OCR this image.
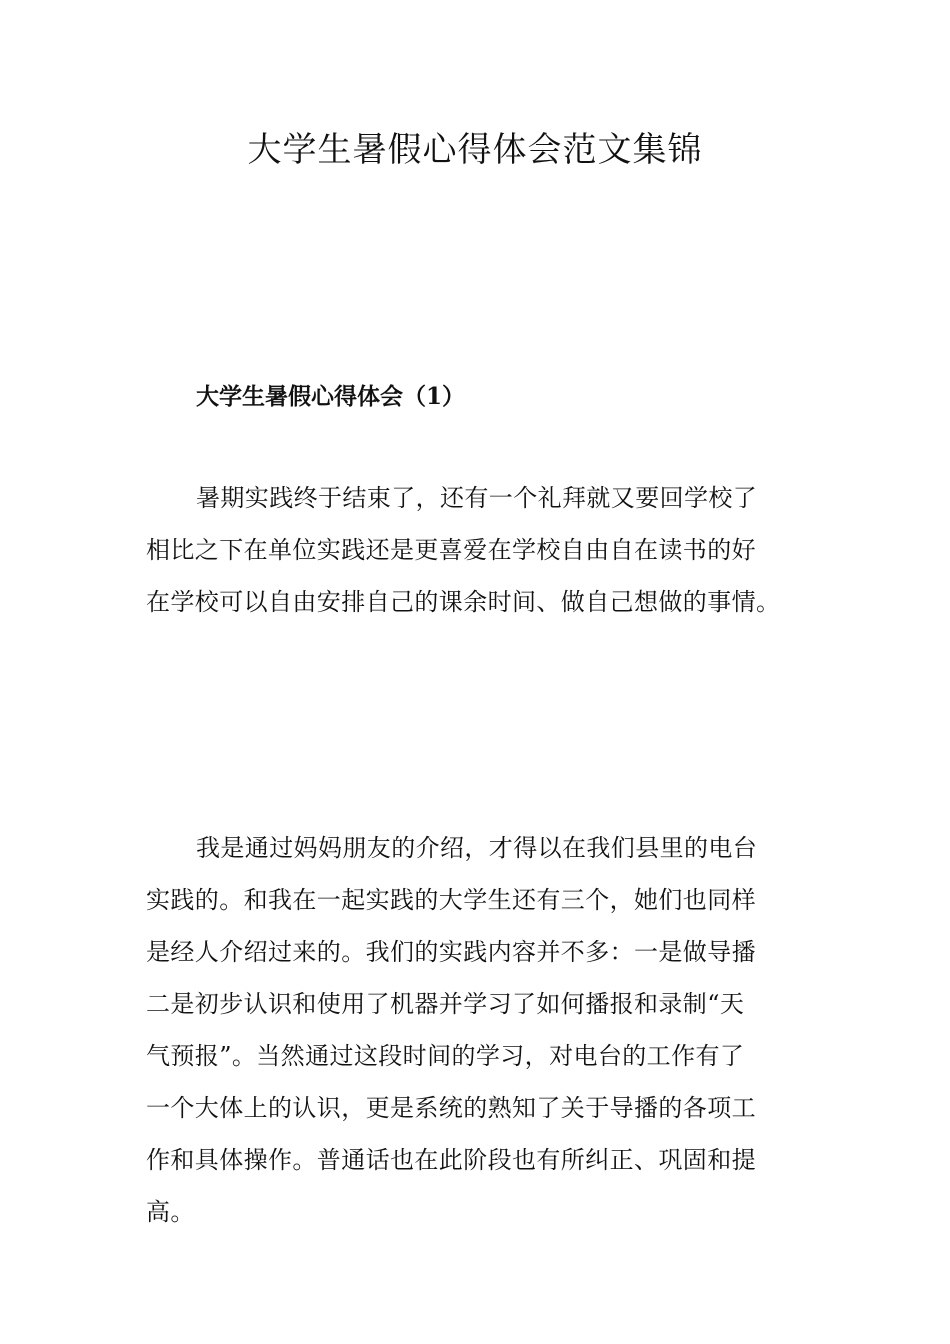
大学生暑假心得体会范文集锦
大学生暑假心得体会（1）
暑期实践终于结束了，还有一个礼拜就又要回学校了
相比之下在单位实践还是更喜爱在学校自由自在读书的好
在学校可以自由安排自己的课余时间、做自己想做的事情。
我是通过妈妈朋友的介绍，才得以在我们县里的电台
实践的。和我在一起实践的大学生还有三个，她们也同样
是经人介绍过来的。我们的实践内容并不多：一是做导播
二是初步认识和使用了机器并学习了如何播报和录制“天
气预报”。当然通过这段时间的学习，对电台的工作有了
一个大体上的认识，更是系统的熟知了关于导播的各项工
作和具体操作。普通话也在此阶段也有所纠正、巩固和提
高。
